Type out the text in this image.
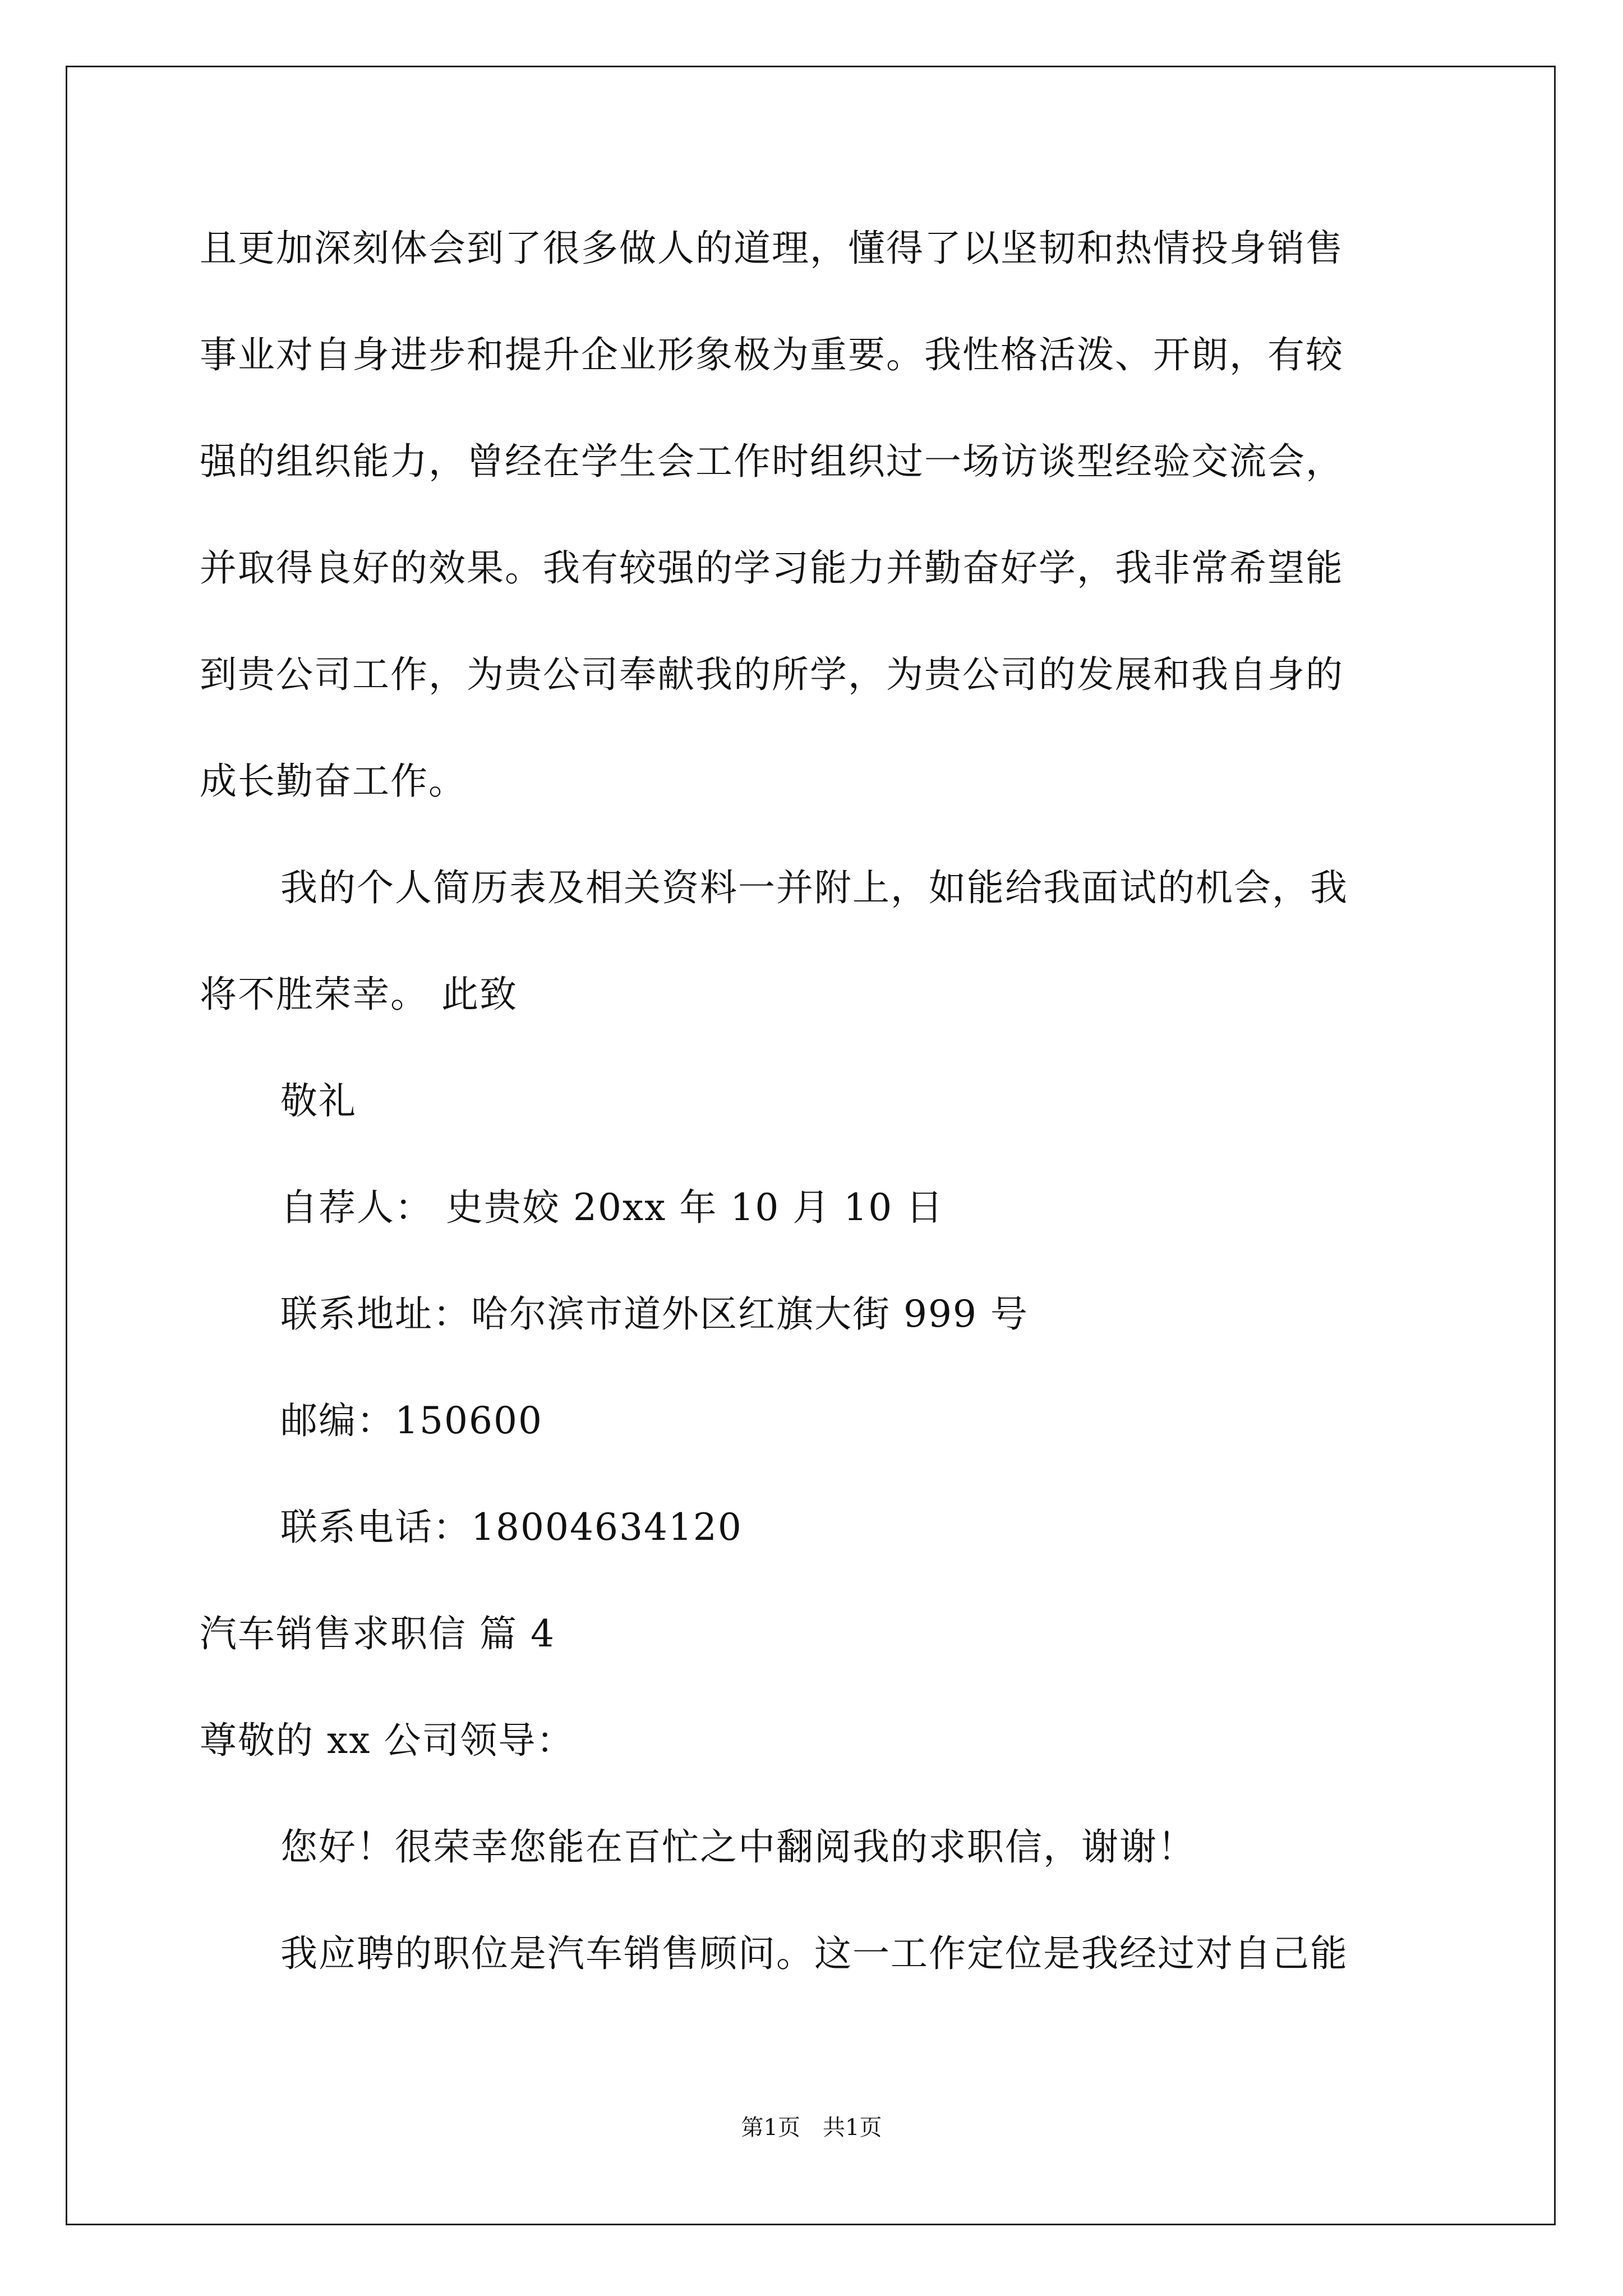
且更加深刻体会到了很多做人的道理，懂得了以坚韧和热情投身销售
事业对自身进步和提升企业形象极为重要。我性格活泼、开朗，有较
强的组织能力，曾经在学生会工作时组织过一场访谈型经验交流会，
并取得良好的效果。我有较强的学习能力并勤奋好学，我非常希望能
到贵公司工作，为贵公司奉献我的所学，为贵公司的发展和我自身的
成长勤奋工作。
我的个人简历表及相关资料一并附上，如能给我面试的机会，我
将不胜荣幸。 此致
敬礼
自荐人： 史贵姣 20xx 年 10 月 10 日
联系地址：哈尔滨市道外区红旗大街 999 号
邮编：150600
联系电话：18004634120
汽车销售求职信 篇 4
尊敬的 xx 公司领导：
您好！很荣幸您能在百忙之中翻阅我的求职信，谢谢！
我应聘的职位是汽车销售顾问。这一工作定位是我经过对自己能
第1页　共1页
